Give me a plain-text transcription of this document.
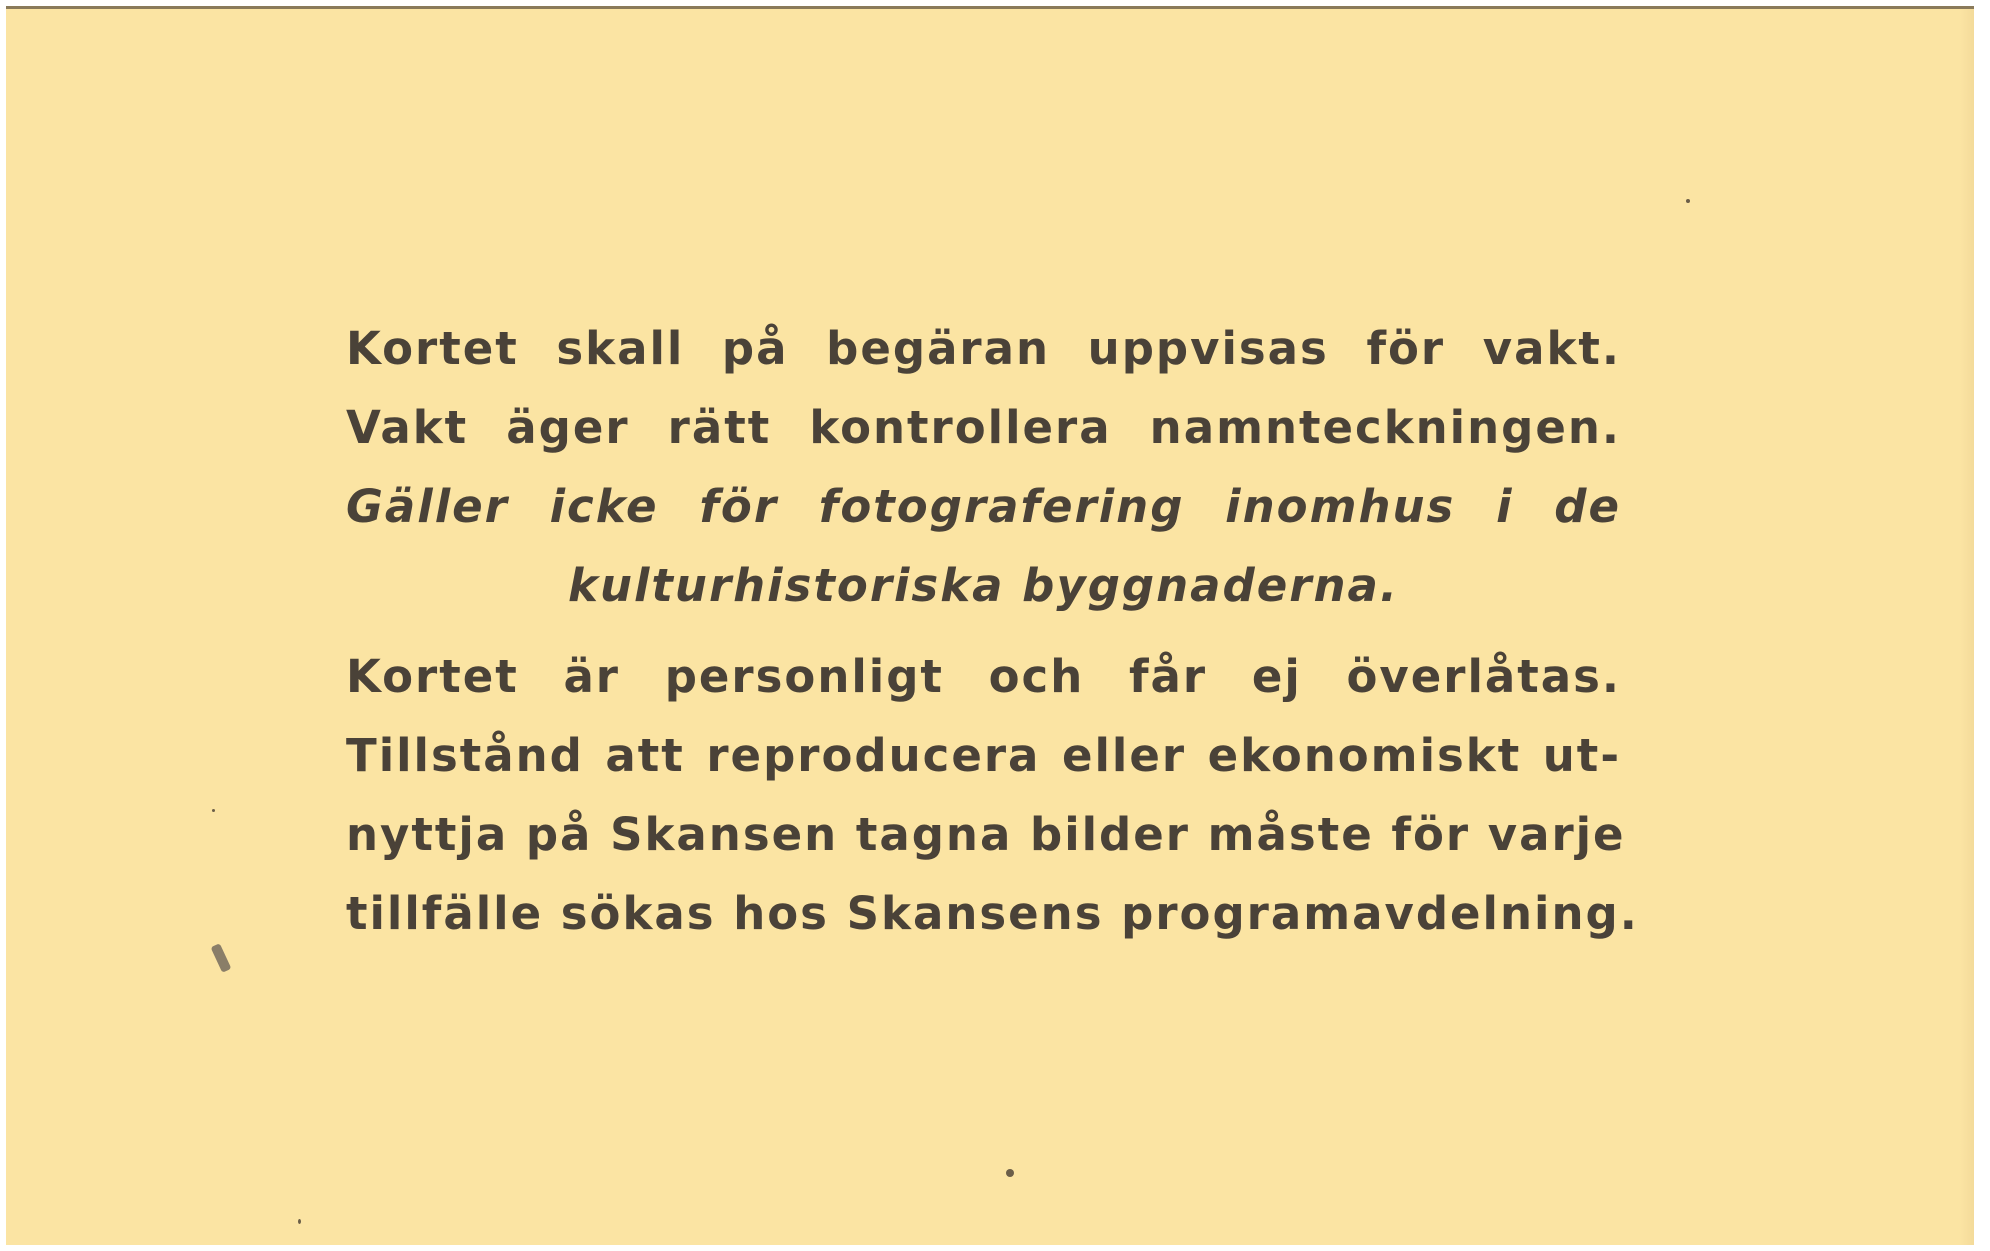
Kortet skall på begäran uppvisas för vakt.
Vakt äger rätt kontrollera namnteckningen.
Gäller icke för fotografering inomhus i de
kulturhistoriska byggnaderna.
Kortet är personligt och får ej överlåtas.
Tillstånd att reproducera eller ekonomiskt ut-
nyttja på Skansen tagna bilder måste för varje
tillfälle sökas hos Skansens programavdelning.
